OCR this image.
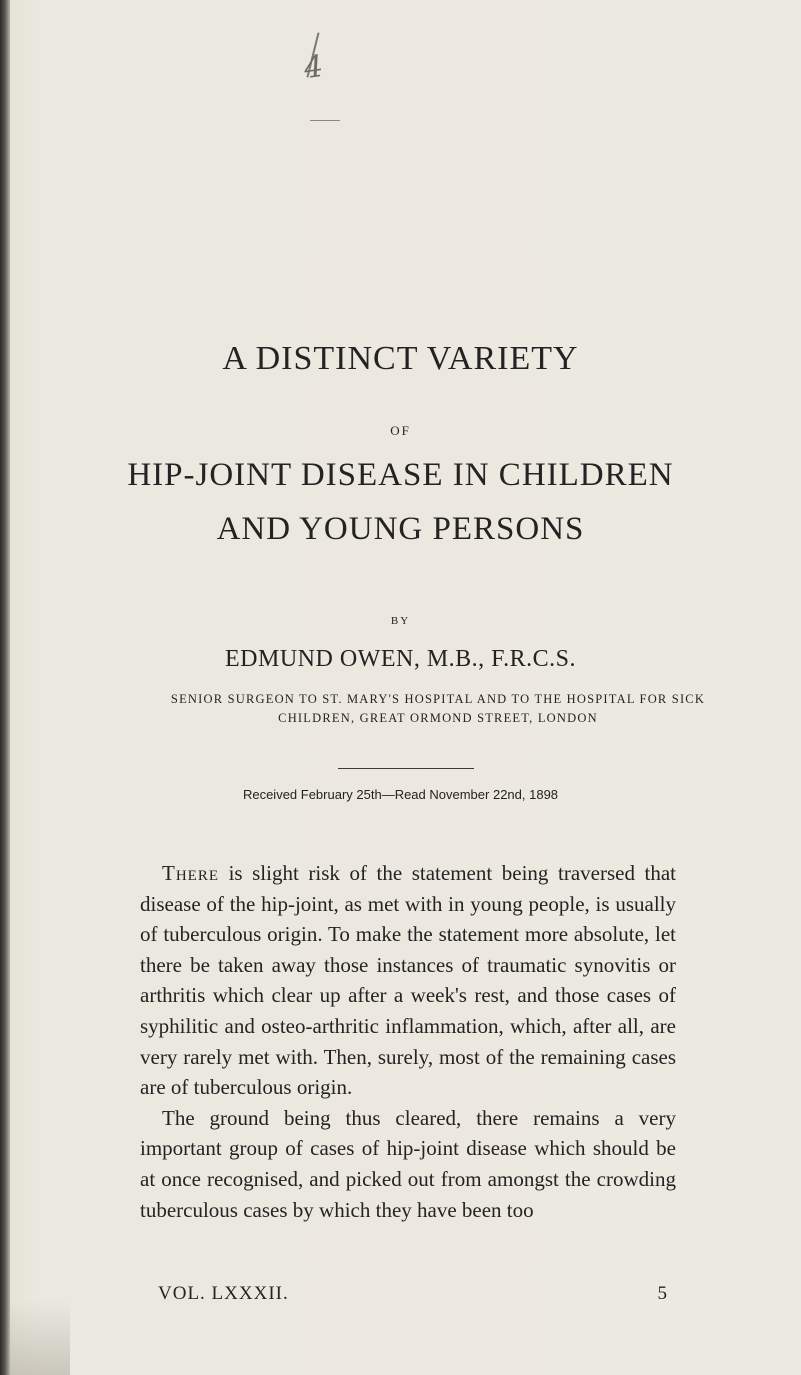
4
A DISTINCT VARIETY
OF
HIP-JOINT DISEASE IN CHILDREN
AND YOUNG PERSONS
BY
EDMUND OWEN, M.B., F.R.C.S.
SENIOR SURGEON TO ST. MARY'S HOSPITAL AND TO THE HOSPITAL FOR SICK CHILDREN, GREAT ORMOND STREET, LONDON
Received February 25th—Read November 22nd, 1898

There is slight risk of the statement being traversed that disease of the hip-joint, as met with in young people, is usually of tuberculous origin. To make the statement more absolute, let there be taken away those instances of traumatic synovitis or arthritis which clear up after a week's rest, and those cases of syphilitic and osteo-arthritic inflammation, which, after all, are very rarely met with. Then, surely, most of the remaining cases are of tuberculous origin.

The ground being thus cleared, there remains a very important group of cases of hip-joint disease which should be at once recognised, and picked out from amongst the crowding tuberculous cases by which they have been too

VOL. LXXXII.	5
